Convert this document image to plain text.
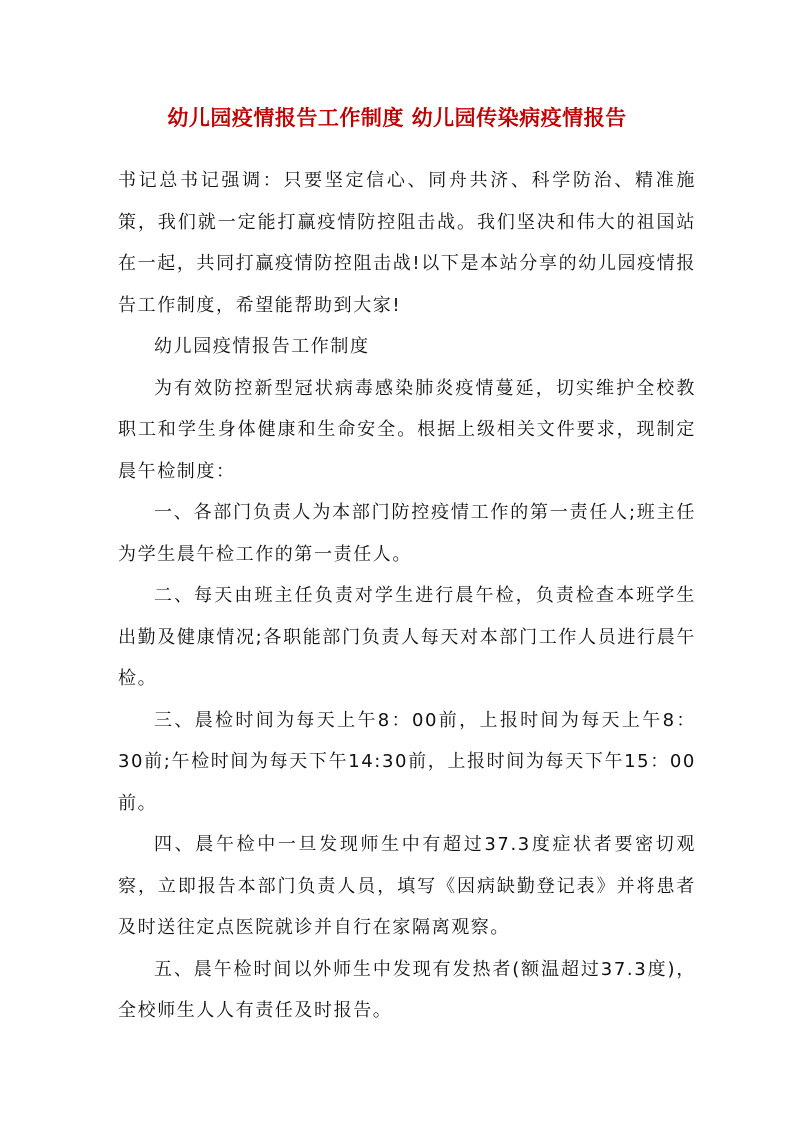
幼儿园疫情报告工作制度 幼儿园传染病疫情报告

书记总书记强调：只要坚定信心、同舟共济、科学防治、精准施策，我们就一定能打赢疫情防控阻击战。我们坚决和伟大的祖国站在一起，共同打赢疫情防控阻击战!以下是本站分享的幼儿园疫情报告工作制度，希望能帮助到大家!

幼儿园疫情报告工作制度

为有效防控新型冠状病毒感染肺炎疫情蔓延，切实维护全校教职工和学生身体健康和生命安全。根据上级相关文件要求，现制定晨午检制度：

一、各部门负责人为本部门防控疫情工作的第一责任人;班主任为学生晨午检工作的第一责任人。

二、每天由班主任负责对学生进行晨午检，负责检查本班学生出勤及健康情况;各职能部门负责人每天对本部门工作人员进行晨午检。

三、晨检时间为每天上午8：00前，上报时间为每天上午8：30前;午检时间为每天下午14:30前，上报时间为每天下午15：00前。

四、晨午检中一旦发现师生中有超过37.3度症状者要密切观察，立即报告本部门负责人员，填写《因病缺勤登记表》并将患者及时送往定点医院就诊并自行在家隔离观察。

五、晨午检时间以外师生中发现有发热者(额温超过37.3度)，全校师生人人有责任及时报告。
